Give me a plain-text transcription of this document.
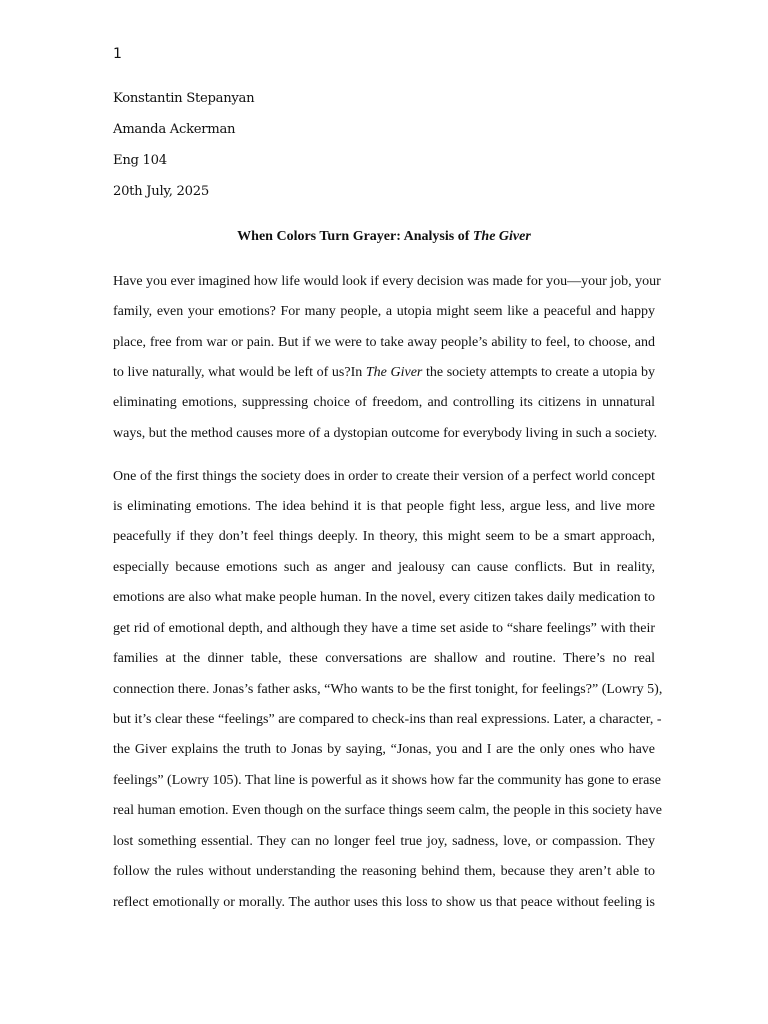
1
Konstantin Stepanyan
Amanda Ackerman
Eng 104
20th July, 2025
When Colors Turn Grayer: Analysis of The Giver
Have you ever imagined how life would look if every decision was made for you—your job, your
family, even your emotions? For many people, a utopia might seem like a peaceful and happy
place, free from war or pain. But if we were to take away people’s ability to feel, to choose, and
to live naturally, what would be left of us?In The Giver the society attempts to create a utopia by
eliminating emotions, suppressing choice of freedom, and controlling its citizens in unnatural
ways, but the method causes more of a dystopian outcome for everybody living in such a society.
One of the first things the society does in order to create their version of a perfect world concept
is eliminating emotions. The idea behind it is that people fight less, argue less, and live more
peacefully if they don’t feel things deeply. In theory, this might seem to be a smart approach,
especially because emotions such as anger and jealousy can cause conflicts. But in reality,
emotions are also what make people human. In the novel, every citizen takes daily medication to
get rid of emotional depth, and although they have a time set aside to “share feelings” with their
families at the dinner table, these conversations are shallow and routine. There’s no real
connection there. Jonas’s father asks, “Who wants to be the first tonight, for feelings?” (Lowry 5),
but it’s clear these “feelings” are compared to check-ins than real expressions. Later, a character, -
the Giver explains the truth to Jonas by saying, “Jonas, you and I are the only ones who have
feelings” (Lowry 105). That line is powerful as it shows how far the community has gone to erase
real human emotion. Even though on the surface things seem calm, the people in this society have
lost something essential. They can no longer feel true joy, sadness, love, or compassion. They
follow the rules without understanding the reasoning behind them, because they aren’t able to
reflect emotionally or morally. The author uses this loss to show us that peace without feeling is
